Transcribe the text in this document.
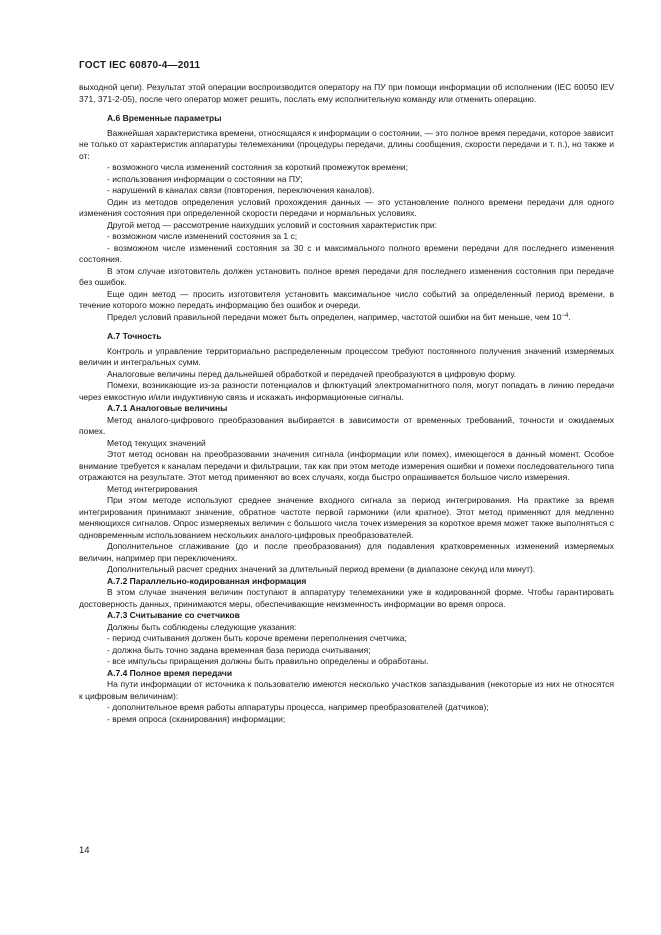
ГОСТ IEC 60870-4—2011

выходной цепи). Результат этой операции воспроизводится оператору на ПУ при помощи информации об исполнении (IEC 60050 IEV 371, 371-2-05), после чего оператор может решить, послать ему исполнительную команду или отменить операцию.

А.6 Временные параметры

Важнейшая характеристика времени, относящаяся к информации о состоянии, — это полное время передачи, которое зависит не только от характеристик аппаратуры телемеханики (процедуры передачи, длины сообщения, скорости передачи и т. п.), но также и от:

- возможного числа изменений состояния за короткий промежуток времени;

- использования информации о состоянии на ПУ;

- нарушений в каналах связи (повторения, переключения каналов).

Один из методов определения условий прохождения данных — это установление полного времени передачи для одного изменения состояния при определенной скорости передачи и нормальных условиях.

Другой метод — рассмотрение наихудших условий и состояния характеристик при:

- возможном числе изменений состояния за 1 с;

- возможном числе изменений состояния за 30 с и максимального полного времени передачи для последнего изменения состояния.

В этом случае изготовитель должен установить полное время передачи для последнего изменения состояния при передаче без ошибок.

Еще один метод — просить изготовителя установить максимальное число событий за определенный период времени, в течение которого можно передать информацию без ошибок и очереди.

Предел условий правильной передачи может быть определен, например, частотой ошибки на бит меньше, чем $10^{-4}$.

А.7 Точность

Контроль и управление территориально распределенным процессом требуют постоянного получения значений измеряемых величин и интегральных сумм.

Аналоговые величины перед дальнейшей обработкой и передачей преобразуются в цифровую форму.

Помехи, возникающие из-за разности потенциалов и флюктуаций электромагнитного поля, могут попадать в линию передачи через емкостную и/или индуктивную связь и искажать информационные сигналы.

А.7.1 Аналоговые величины

Метод аналого-цифрового преобразования выбирается в зависимости от временных требований, точности и ожидаемых помех.

Метод текущих значений

Этот метод основан на преобразовании значения сигнала (информации или помех), имеющегося в данный момент. Особое внимание требуется к каналам передачи и фильтрации, так как при этом методе измерения ошибки и помехи последовательного типа отражаются на результате. Этот метод применяют во всех случаях, когда быстро опрашивается большое число измерения.

Метод интегрирования

При этом методе используют среднее значение входного сигнала за период интегрирования. На практике за время интегрирования принимают значение, обратное частоте первой гармоники (или кратное). Этот метод применяют для медленно меняющихся сигналов. Опрос измеряемых величин с большого числа точек измерения за короткое время может также выполняться с одновременным использованием нескольких аналого-цифровых преобразователей.

Дополнительное сглаживание (до и после преобразования) для подавления кратковременных изменений измеряемых величин, например при переключениях.

Дополнительный расчет средних значений за длительный период времени (в диапазоне секунд или минут).

А.7.2 Параллельно-кодированная информация

В этом случае значения величин поступают в аппаратуру телемеханики уже в кодированной форме. Чтобы гарантировать достоверность данных, принимаются меры, обеспечивающие неизменность информации во время опроса.

А.7.3 Считывание со счетчиков

Должны быть соблюдены следующие указания:

- период считывания должен быть короче времени переполнения счетчика;

- должна быть точно задана временная база периода считывания;

- все импульсы приращения должны быть правильно определены и обработаны.

А.7.4 Полное время передачи

На пути информации от источника к пользователю имеются несколько участков запаздывания (некоторые из них не относятся к цифровым величинам):

- дополнительное время работы аппаратуры процесса, например преобразователей (датчиков);

- время опроса (сканирования) информации;

14
